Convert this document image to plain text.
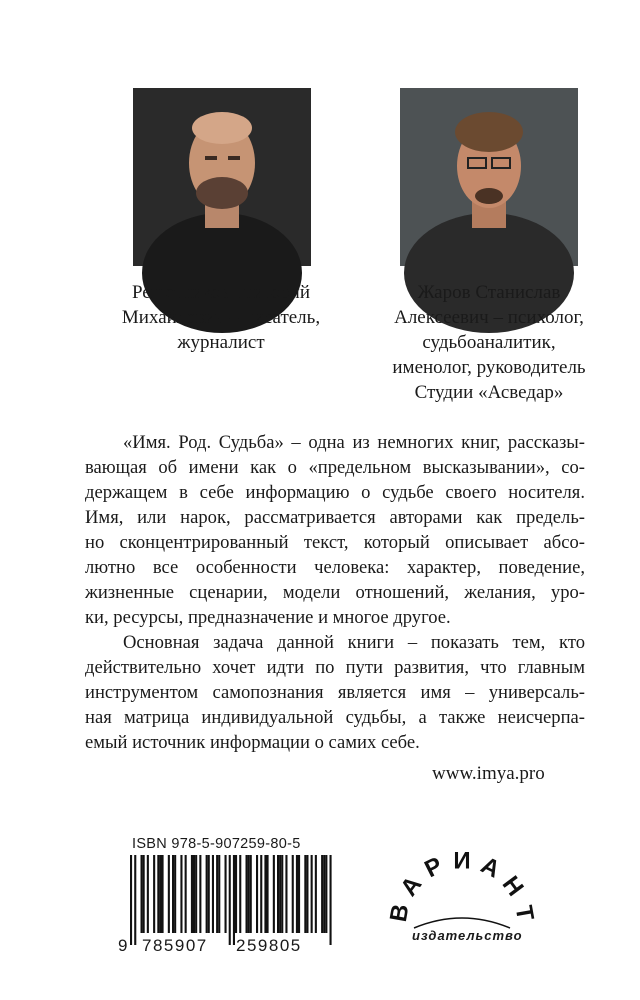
Решетников Григорий
Михайлович – писатель,
журналист
Жаров Станислав
Алексеевич – психолог,
судьбоаналитик,
именолог, руководитель
Студии «Асведар»
«Имя. Род. Судьба» – одна из немногих книг, рассказы-
вающая об имени как о «предельном высказывании», со-
держащем в себе информацию о судьбе своего носителя.
Имя, или нарок, рассматривается авторами как предель-
но сконцентрированный текст, который описывает абсо-
лютно все особенности человека: характер, поведение,
жизненные сценарии, модели отношений, желания, уро-
ки, ресурсы, предназначение и многое другое.
Основная задача данной книги – показать тем, кто
действительно хочет идти по пути развития, что главным
инструментом самопознания является имя – универсаль-
ная матрица индивидуальной судьбы, а также неисчерпа-
емый источник информации о самих себе.
www.imya.pro
ISBN 978-5-907259-80-5
9 785907 259805
В
А
Р И А
Н
Т
издательство
